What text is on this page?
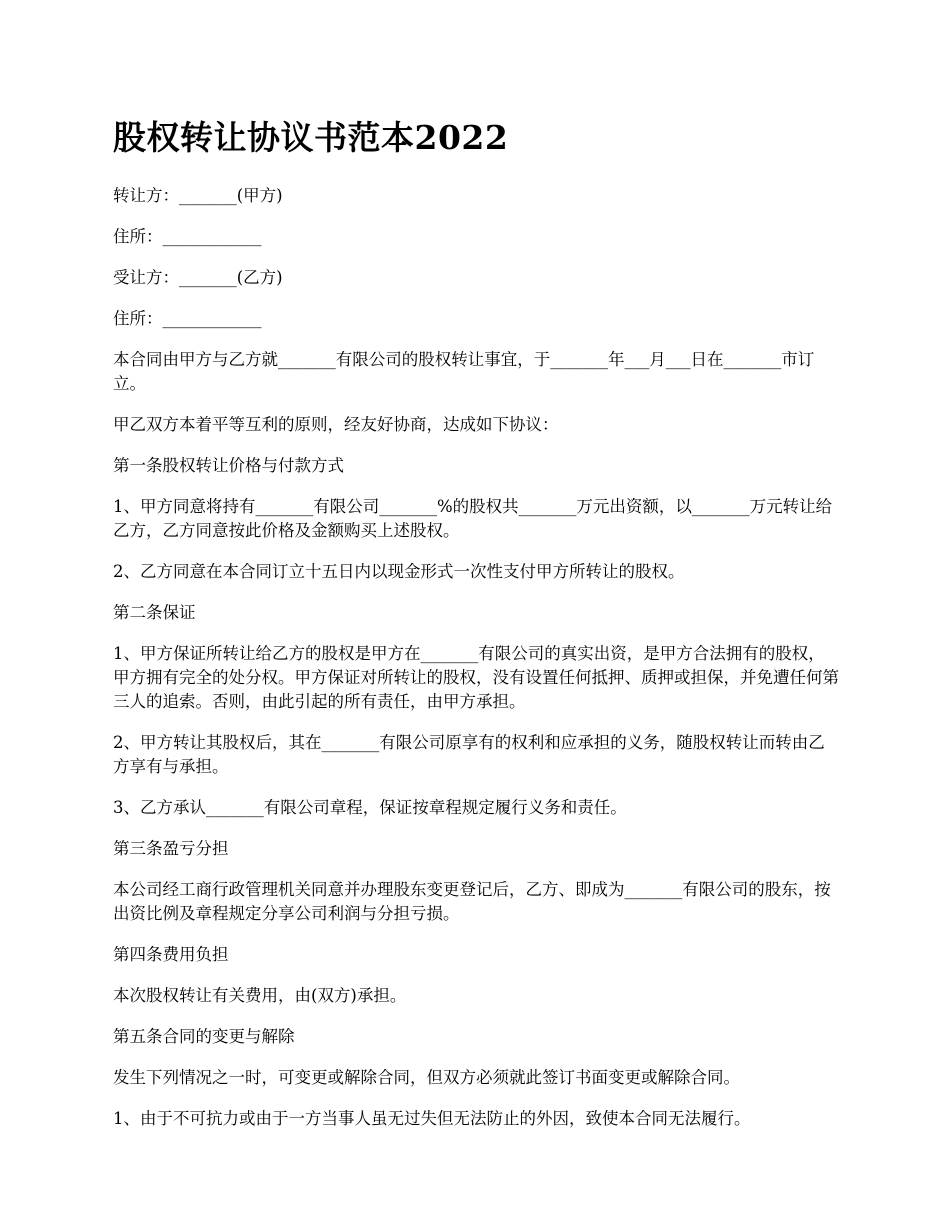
股权转让协议书范本2022

转让方：_______(甲方)

住所：____________

受让方：_______(乙方)

住所：____________

本合同由甲方与乙方就_______有限公司的股权转让事宜，于_______年___月___日在_______市订立。

甲乙双方本着平等互利的原则，经友好协商，达成如下协议：

第一条股权转让价格与付款方式

1、甲方同意将持有_______有限公司_______%的股权共_______万元出资额，以_______万元转让给乙方，乙方同意按此价格及金额购买上述股权。

2、乙方同意在本合同订立十五日内以现金形式一次性支付甲方所转让的股权。

第二条保证

1、甲方保证所转让给乙方的股权是甲方在_______有限公司的真实出资，是甲方合法拥有的股权，甲方拥有完全的处分权。甲方保证对所转让的股权，没有设置任何抵押、质押或担保，并免遭任何第三人的追索。否则，由此引起的所有责任，由甲方承担。

2、甲方转让其股权后，其在_______有限公司原享有的权利和应承担的义务，随股权转让而转由乙方享有与承担。

3、乙方承认_______有限公司章程，保证按章程规定履行义务和责任。

第三条盈亏分担

本公司经工商行政管理机关同意并办理股东变更登记后，乙方、即成为_______有限公司的股东，按出资比例及章程规定分享公司利润与分担亏损。

第四条费用负担

本次股权转让有关费用，由(双方)承担。

第五条合同的变更与解除

发生下列情况之一时，可变更或解除合同，但双方必须就此签订书面变更或解除合同。

1、由于不可抗力或由于一方当事人虽无过失但无法防止的外因，致使本合同无法履行。
